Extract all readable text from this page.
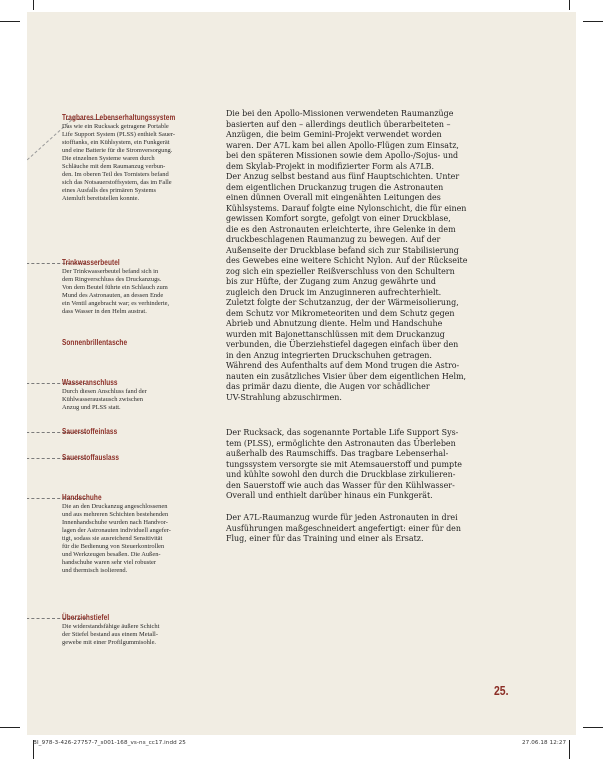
Tragbares Lebenserhaltungssystem
Das wie ein Rucksack getragene Portable
Life Support System (PLSS) enthielt Sauer-
stofftanks, ein Kühlsystem, ein Funkgerät
und eine Batterie für die Stromversorgung.
Die einzelnen Systeme waren durch
Schläuche mit dem Raumanzug verbun-
den. Im oberen Teil des Tornisters befand
sich das Notsauerstoffsystem, das im Falle
eines Ausfalls des primären Systems
Atemluft bereitstellen konnte.
Trinkwasserbeutel
Der Trinkwasserbeutel befand sich in
dem Ringverschluss des Druckanzugs.
Von dem Beutel führte ein Schlauch zum
Mund des Astronauten, an dessen Ende
ein Ventil angebracht war; es verhinderte,
dass Wasser in den Helm austrat.
Sonnenbrillentasche
Wasseranschluss
Durch diesen Anschluss fand der
Kühlwasseraustausch zwischen
Anzug und PLSS statt.
Sauerstoffeinlass
Sauerstoffauslass
Handschuhe
Die an den Druckanzug angeschlossenen
und aus mehreren Schichten bestehenden
Innenhandschuhe wurden nach Handvor-
lagen der Astronauten individuell angefer-
tigt, sodass sie ausreichend Sensitivität
für die Bedienung von Steuerkontrollen
und Werkzeugen besaßen. Die Außen-
handschuhe waren sehr viel robuster
und thermisch isolierend.
Überziehstiefel
Die widerstandsfähige äußere Schicht
der Stiefel bestand aus einem Metall-
gewebe mit einer Profilgummisohle.
Die bei den Apollo-Missionen verwendeten Raumanzüge
basierten auf den – allerdings deutlich überarbeiteten –
Anzügen, die beim Gemini-Projekt verwendet worden
waren. Der A7L kam bei allen Apollo-Flügen zum Einsatz,
bei den späteren Missionen sowie dem Apollo-/Sojus- und
dem Skylab-Projekt in modifizierter Form als A7LB.
Der Anzug selbst bestand aus fünf Hauptschichten. Unter
dem eigentlichen Druckanzug trugen die Astronauten
einen dünnen Overall mit eingenähten Leitungen des
Kühlsystems. Darauf folgte eine Nylonschicht, die für einen
gewissen Komfort sorgte, gefolgt von einer Druckblase,
die es den Astronauten erleichterte, ihre Gelenke in dem
druckbeschlagenen Raumanzug zu bewegen. Auf der
Außenseite der Druckblase befand sich zur Stabilisierung
des Gewebes eine weitere Schicht Nylon. Auf der Rückseite
zog sich ein spezieller Reißverschluss von den Schultern
bis zur Hüfte, der Zugang zum Anzug gewährte und
zugleich den Druck im Anzuginneren aufrechterhielt.
Zuletzt folgte der Schutzanzug, der der Wärmeisolierung,
dem Schutz vor Mikrometeoriten und dem Schutz gegen
Abrieb und Abnutzung diente. Helm und Handschuhe
wurden mit Bajonettanschlüssen mit dem Druckanzug
verbunden, die Überziehstiefel dagegen einfach über den
in den Anzug integrierten Druckschuhen getragen.
Während des Aufenthalts auf dem Mond trugen die Astro-
nauten ein zusätzliches Visier über dem eigentlichen Helm,
das primär dazu diente, die Augen vor schädlicher
UV-Strahlung abzuschirmen.
Der Rucksack, das sogenannte Portable Life Support Sys-
tem (PLSS), ermöglichte den Astronauten das Überleben
außerhalb des Raumschiffs. Das tragbare Lebenserhal-
tungssystem versorgte sie mit Atemsauerstoff und pumpte
und kühlte sowohl den durch die Druckblase zirkulieren-
den Sauerstoff wie auch das Wasser für den Kühlwasser-
Overall und enthielt darüber hinaus ein Funkgerät.
Der A7L-Raumanzug wurde für jeden Astronauten in drei
Ausführungen maßgeschneidert angefertigt: einer für den
Flug, einer für das Training und einer als Ersatz.
25.
BI_978-3-426-27757-7_s001-168_vs-ns_cc17.indd 25	27.06.18 12:27
